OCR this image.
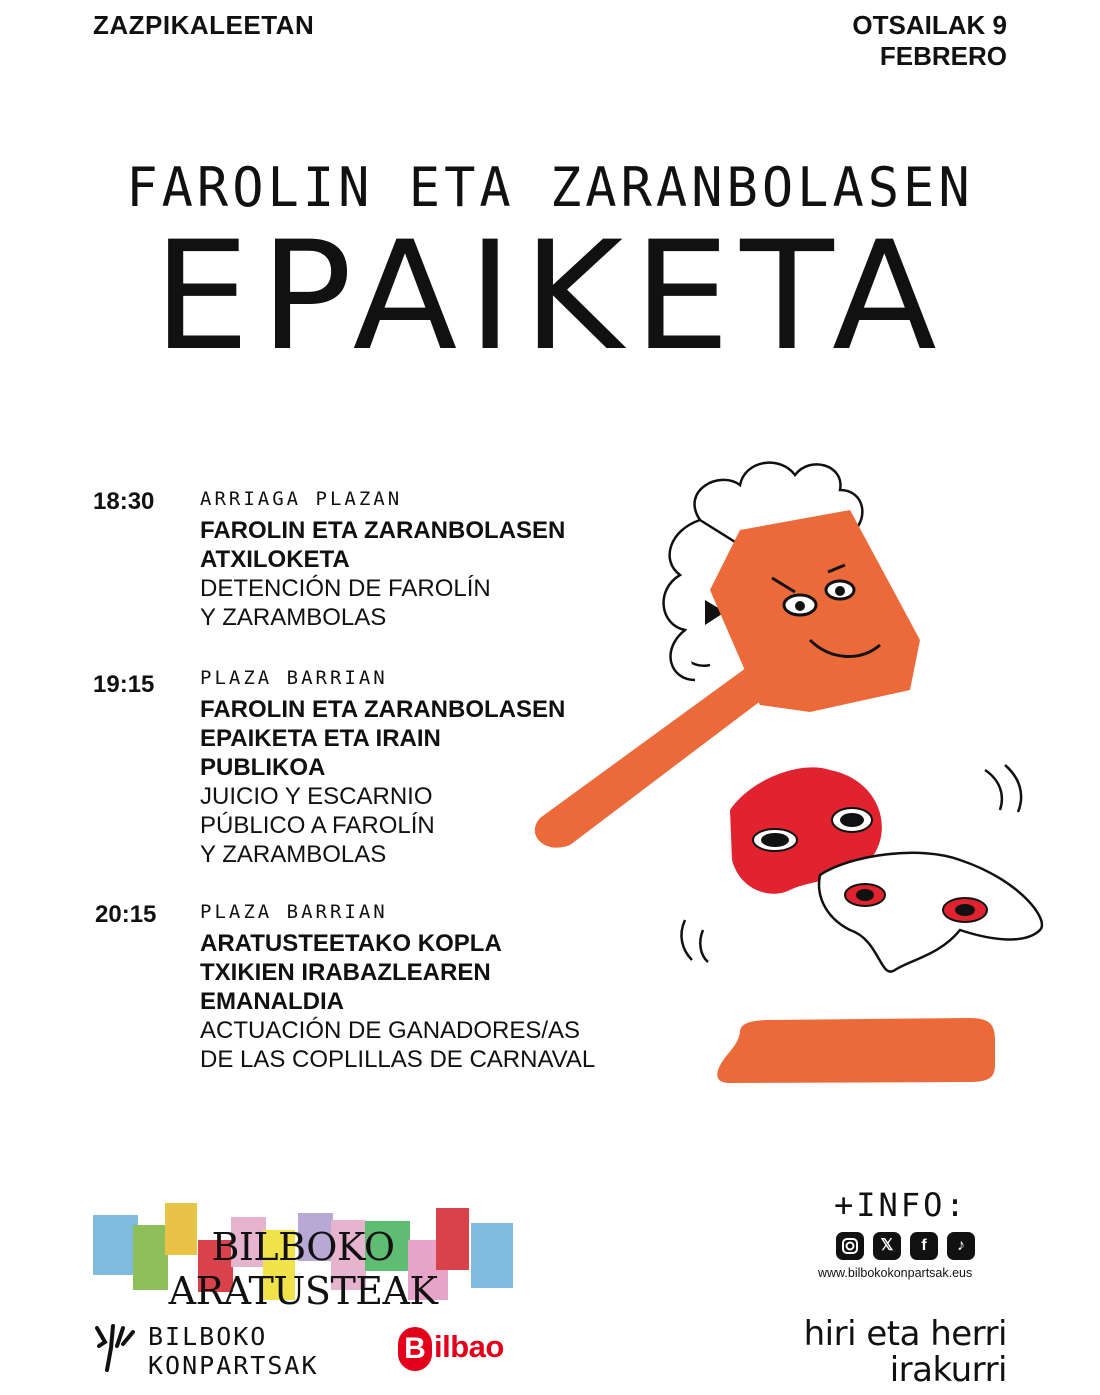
ZAZPIKALEETAN	OTSAILAK 9
FEBRERO
FAROLIN ETA ZARANBOLASEN
EPAIKETA
18:30 ARRIAGA PLAZAN
FAROLIN ETA ZARANBOLASEN
ATXILOKETA
DETENCIÓN DE FAROLÍN
Y ZARAMBOLAS
19:15 PLAZA BARRIAN
FAROLIN ETA ZARANBOLASEN
EPAIKETA ETA IRAIN
PUBLIKOA
JUICIO Y ESCARNIO
PÚBLICO A FAROLÍN
Y ZARAMBOLAS
20:15 PLAZA BARRIAN
ARATUSTEETAKO KOPLA
TXIKIEN IRABAZLEAREN
EMANALDIA
ACTUACIÓN DE GANADORES/AS
DE LAS COPLILLAS DE CARNAVAL
BILBOKO ARATUSTEAK
BILBOKO
KONPARTSAK
B ilbao
+INFO:
𝕏	f	♪
www.bilbokokonpartsak.eus
hiri eta herri
irakurri
